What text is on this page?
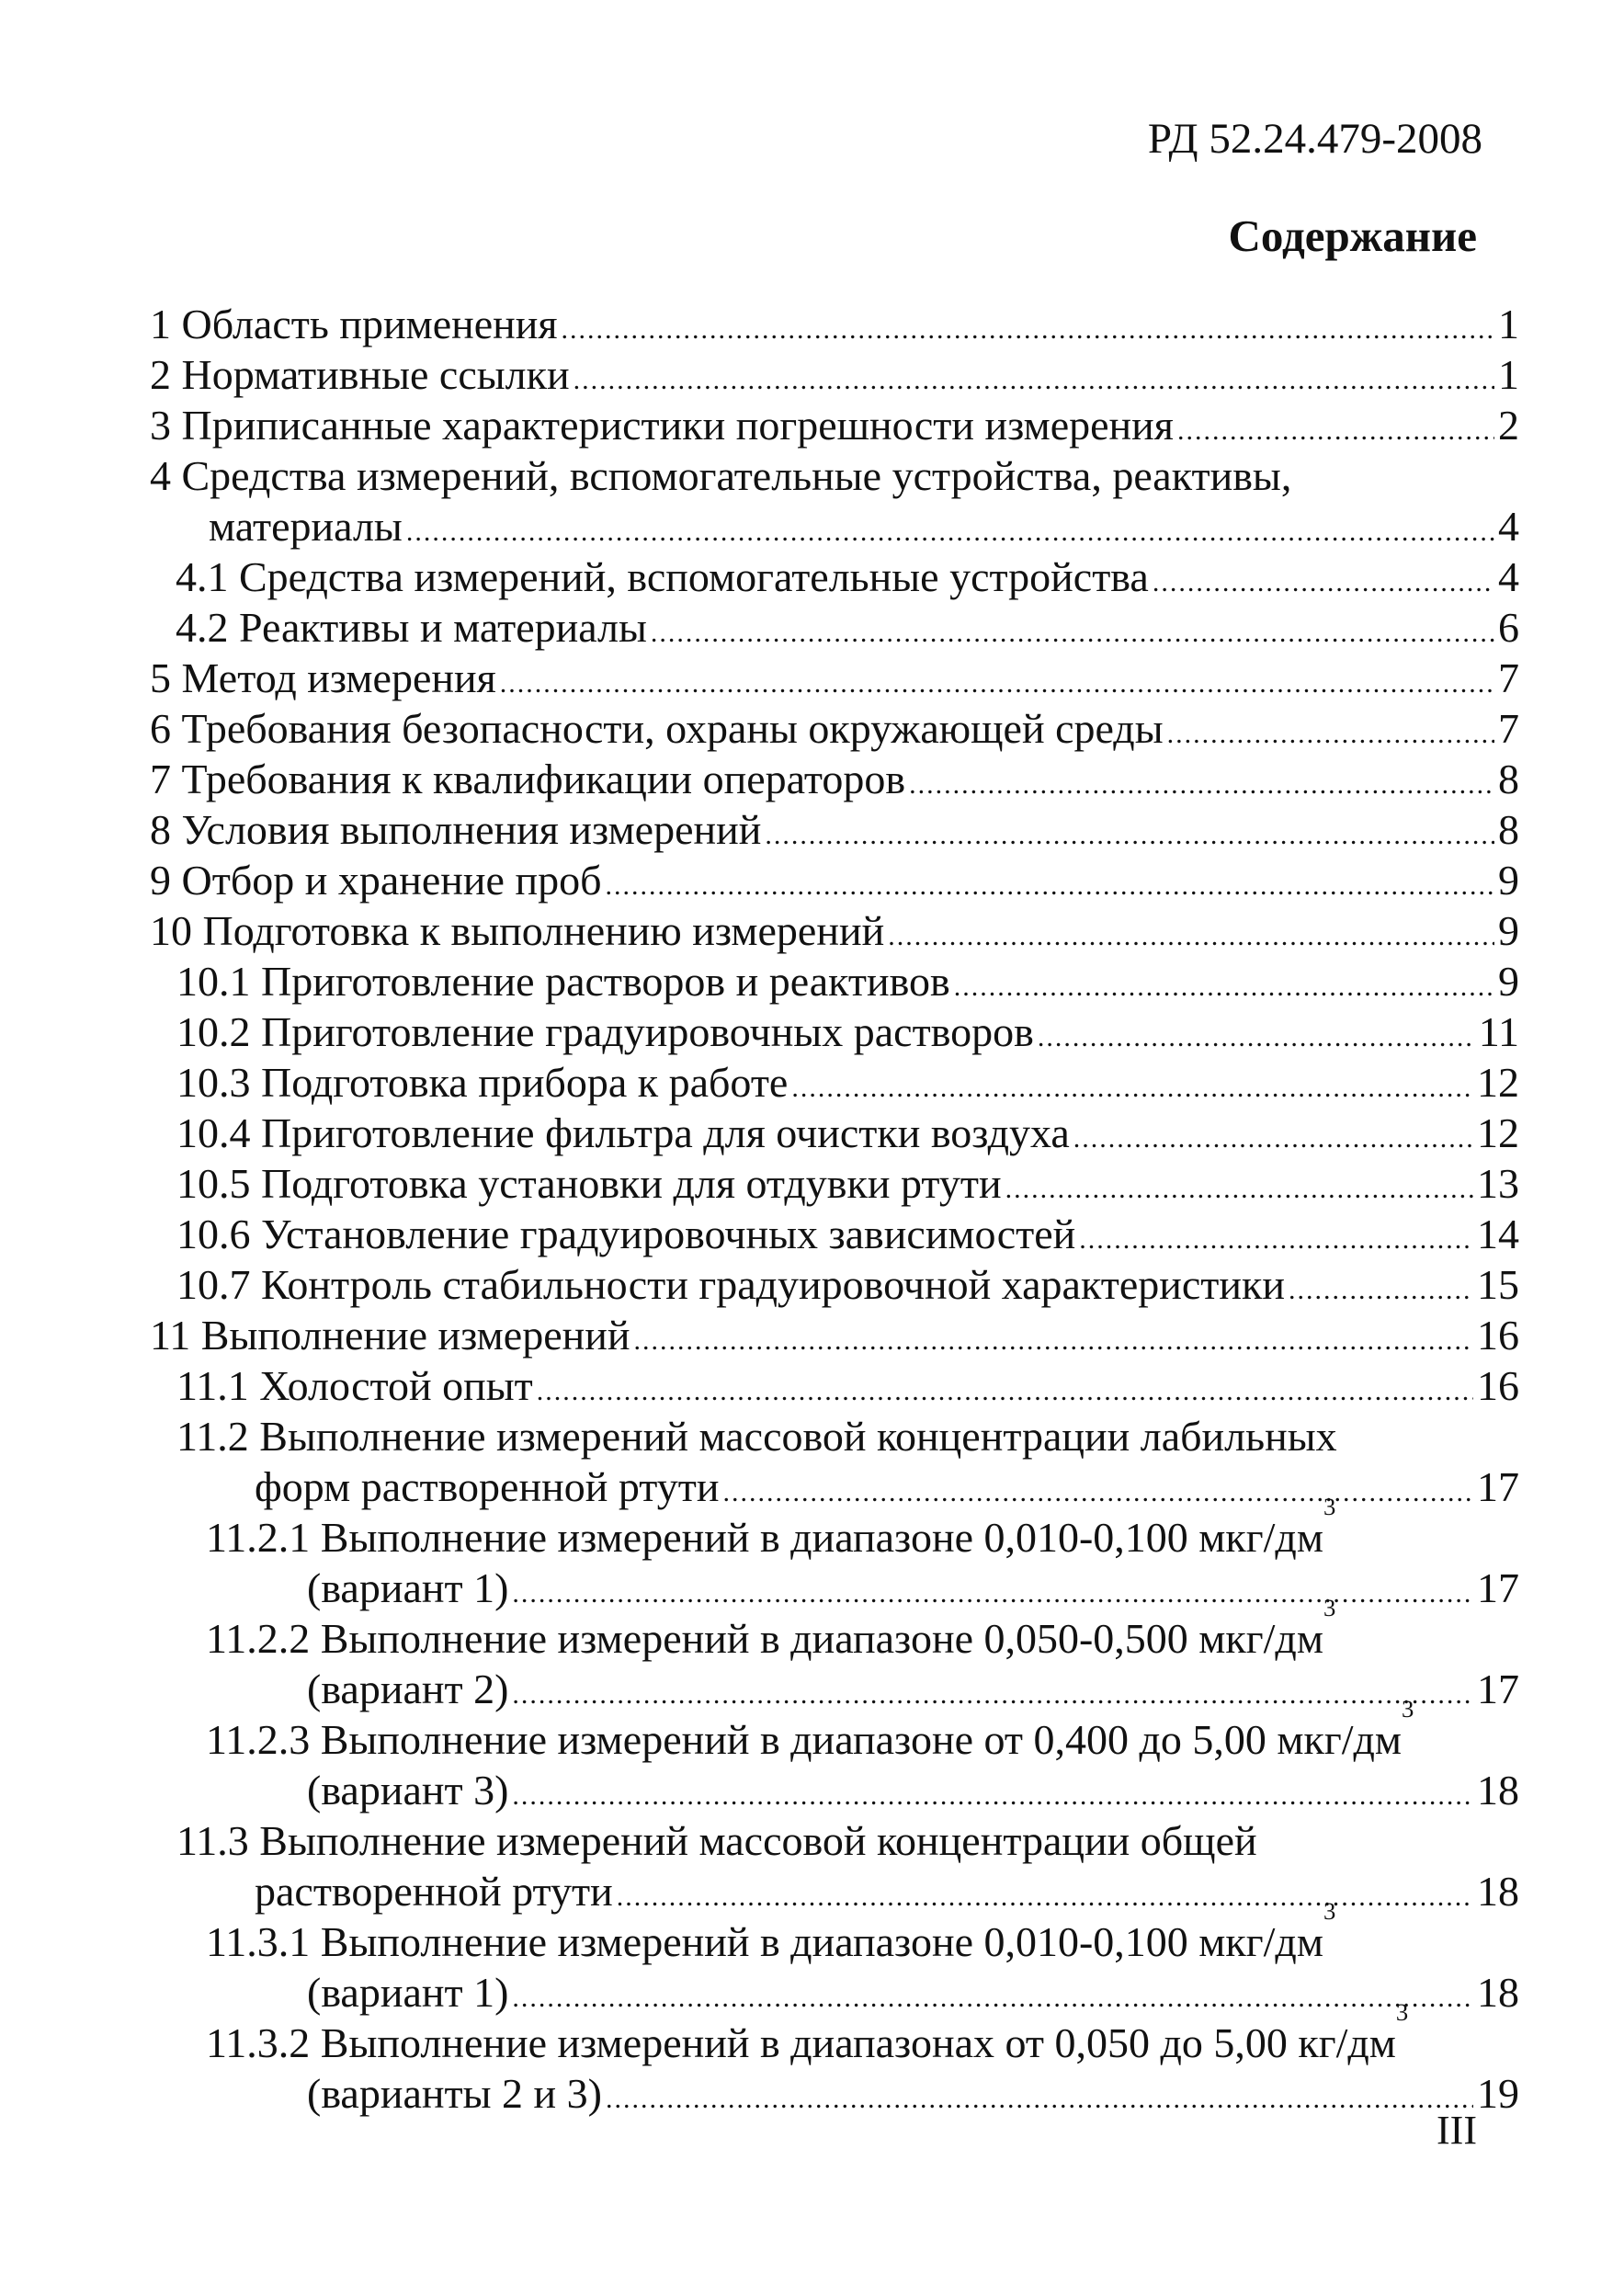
РД 52.24.479-2008
Содержание
1 Область применения .....	1
2 Нормативные ссылки .....	1
3 Приписанные характеристики погрешности измерения .....	2
4 Средства измерений, вспомогательные устройства, реактивы,
материалы .....	4
4.1 Средства измерений, вспомогательные устройства .....	4
4.2 Реактивы и материалы .....	6
5 Метод измерения .....	7
6 Требования безопасности, охраны окружающей среды .....	7
7 Требования к квалификации операторов .....	8
8 Условия выполнения измерений .....	8
9 Отбор и хранение проб .....	9
10 Подготовка к выполнению измерений .....	9
10.1 Приготовление растворов и реактивов .....	9
10.2 Приготовление градуировочных растворов .....	11
10.3 Подготовка прибора к работе .....	12
10.4 Приготовление фильтра для очистки воздуха .....	12
10.5 Подготовка установки для отдувки ртути .....	13
10.6 Установление градуировочных зависимостей .....	14
10.7 Контроль стабильности градуировочной характеристики .....	15
11 Выполнение измерений .....	16
11.1 Холостой опыт .....	16
11.2 Выполнение измерений массовой концентрации лабильных
форм растворенной ртути .....	17
11.2.1 Выполнение измерений в диапазоне 0,010-0,100 мкг/$дм^3$
(вариант 1) .....	17
11.2.2 Выполнение измерений в диапазоне 0,050-0,500 мкг/$дм^3$
(вариант 2) .....	17
11.2.3 Выполнение измерений в диапазоне от 0,400 до 5,00 мкг/$дм^3$
(вариант 3) .....	18
11.3 Выполнение измерений массовой концентрации общей
растворенной ртути .....	18
11.3.1 Выполнение измерений в диапазоне 0,010-0,100 мкг/$дм^3$
(вариант 1) .....	18
11.3.2 Выполнение измерений в диапазонах от 0,050 до 5,00 $кг/дм^3$
(варианты 2 и 3) .....	19
III
